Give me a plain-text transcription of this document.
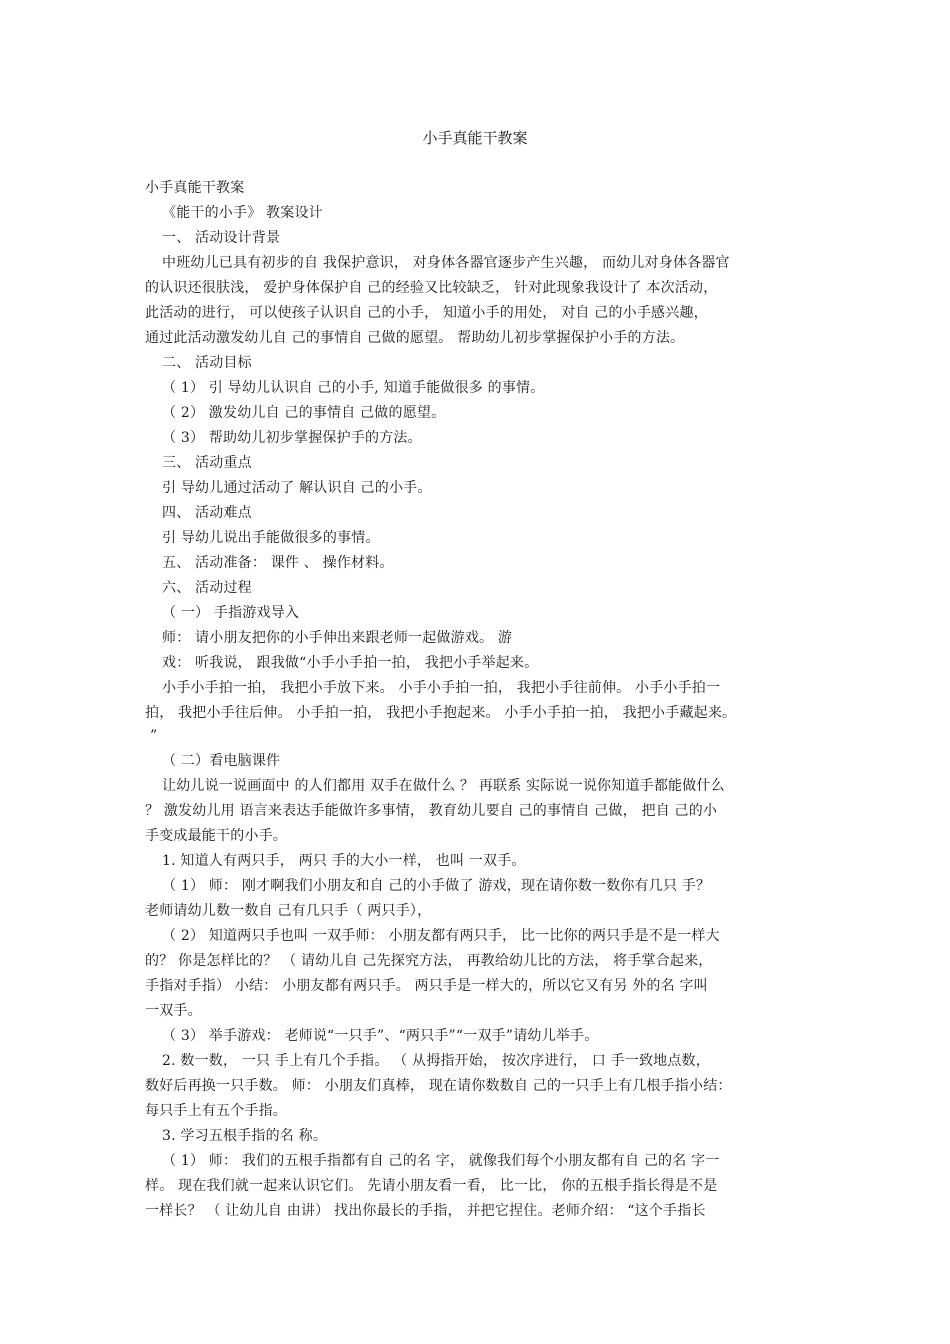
小手真能干教案
小手真能干教案
《能干的小手》 教案设计
一、 活动设计背景
中班幼儿已具有初步的自 我保护意识， 对身体各器官逐步产生兴趣， 而幼儿对身体各器官
的认识还很肤浅， 爱护身体保护自 己的经验又比较缺乏， 针对此现象我设计了 本次活动，
此活动的进行， 可以使孩子认识自 己的小手， 知道小手的用处， 对自 己的小手感兴趣，
通过此活动激发幼儿自 己的事情自 己做的愿望。 帮助幼儿初步掌握保护小手的方法。
二、 活动目标
（ 1） 引 导幼儿认识自 己的小手, 知道手能做很多 的事情。
（ 2） 激发幼儿自 己的事情自 己做的愿望。
（ 3） 帮助幼儿初步掌握保护手的方法。
三、 活动重点
引 导幼儿通过活动了 解认识自 己的小手。
四、 活动难点
引 导幼儿说出手能做很多的事情。
五、 活动准备： 课件 、 操作材料。
六、 活动过程
（ 一） 手指游戏导入
师： 请小朋友把你的小手伸出来跟老师一起做游戏。 游
戏： 听我说， 跟我做“小手小手拍一拍， 我把小手举起来。
小手小手拍一拍， 我把小手放下来。 小手小手拍一拍， 我把小手往前伸。 小手小手拍一
拍， 我把小手往后伸。 小手拍一拍， 我把小手抱起来。 小手小手拍一拍， 我把小手藏起来。
”
（ 二）看电脑课件
让幼儿说一说画面中 的人们都用 双手在做什么 ？ 再联系 实际说一说你知道手都能做什么
？ 激发幼儿用 语言来表达手能做许多事情， 教育幼儿要自 己的事情自 己做， 把自 己的小
手变成最能干的小手。
1. 知道人有两只手， 两只 手的大小一样， 也叫 一双手。
（ 1） 师： 刚才啊我们小朋友和自 己的小手做了 游戏，现在请你数一数你有几只 手？
老师请幼儿数一数自 己有几只手（ 两只手），
（ 2） 知道两只手也叫 一双手师： 小朋友都有两只手， 比一比你的两只手是不是一样大
的？ 你是怎样比的？ （ 请幼儿自 己先探究方法， 再教给幼儿比的方法， 将手掌合起来，
手指对手指） 小结： 小朋友都有两只手。 两只手是一样大的，所以它又有另 外的名 字叫
一双手。
（ 3） 举手游戏： 老师说“一只手”、“两只手”“一双手”请幼儿举手。
2. 数一数， 一只 手上有几个手指。 （ 从拇指开始， 按次序进行， 口 手一致地点数，
数好后再换一只手数。 师： 小朋友们真棒， 现在请你数数自 己的一只手上有几根手指小结：
每只手上有五个手指。
3. 学习五根手指的名 称。
（ 1） 师： 我们的五根手指都有自 己的名 字， 就像我们每个小朋友都有自 己的名 字一
样。 现在我们就一起来认识它们。 先请小朋友看一看， 比一比， 你的五根手指长得是不是
一样长？ （ 让幼儿自 由讲） 找出你最长的手指， 并把它捏住。老师介绍： “这个手指长
